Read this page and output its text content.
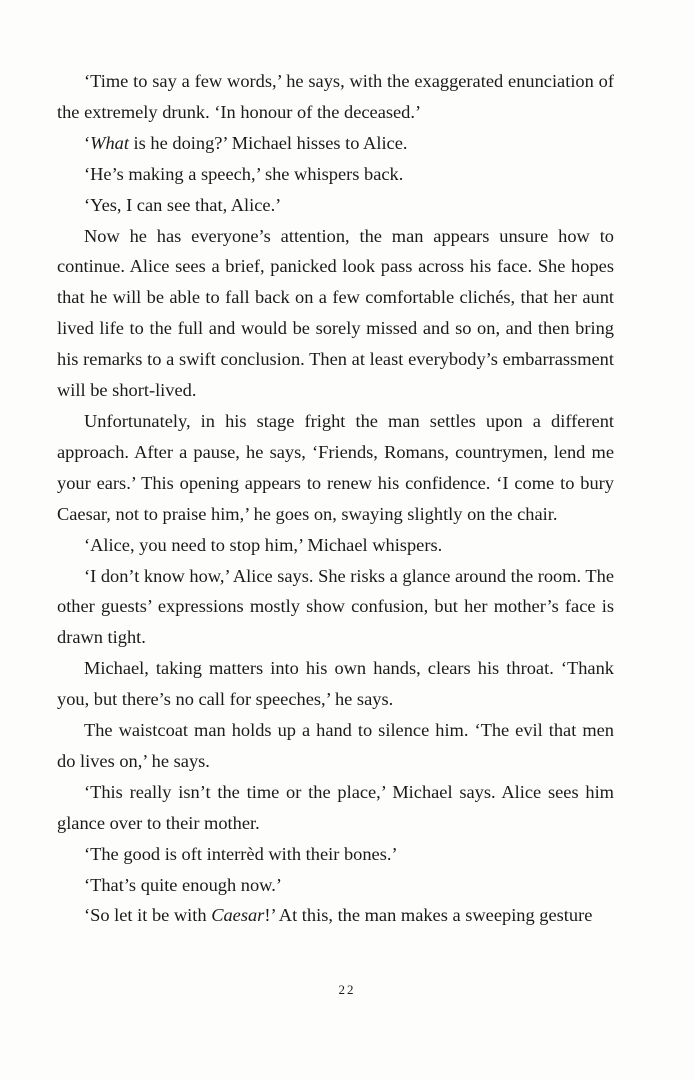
‘Time to say a few words,’ he says, with the exaggerated enunciation of the extremely drunk. ‘In honour of the deceased.’

‘What is he doing?’ Michael hisses to Alice.

‘He’s making a speech,’ she whispers back.

‘Yes, I can see that, Alice.’

Now he has everyone’s attention, the man appears unsure how to continue. Alice sees a brief, panicked look pass across his face. She hopes that he will be able to fall back on a few comfortable clichés, that her aunt lived life to the full and would be sorely missed and so on, and then bring his remarks to a swift conclusion. Then at least everybody’s embarrassment will be short-lived.

Unfortunately, in his stage fright the man settles upon a different approach. After a pause, he says, ‘Friends, Romans, countrymen, lend me your ears.’ This opening appears to renew his confidence. ‘I come to bury Caesar, not to praise him,’ he goes on, swaying slightly on the chair.

‘Alice, you need to stop him,’ Michael whispers.

‘I don’t know how,’ Alice says. She risks a glance around the room. The other guests’ expressions mostly show confusion, but her mother’s face is drawn tight.

Michael, taking matters into his own hands, clears his throat. ‘Thank you, but there’s no call for speeches,’ he says.

The waistcoat man holds up a hand to silence him. ‘The evil that men do lives on,’ he says.

‘This really isn’t the time or the place,’ Michael says. Alice sees him glance over to their mother.

‘The good is oft interrèd with their bones.’

‘That’s quite enough now.’

‘So let it be with Caesar!’ At this, the man makes a sweeping gesture

22
